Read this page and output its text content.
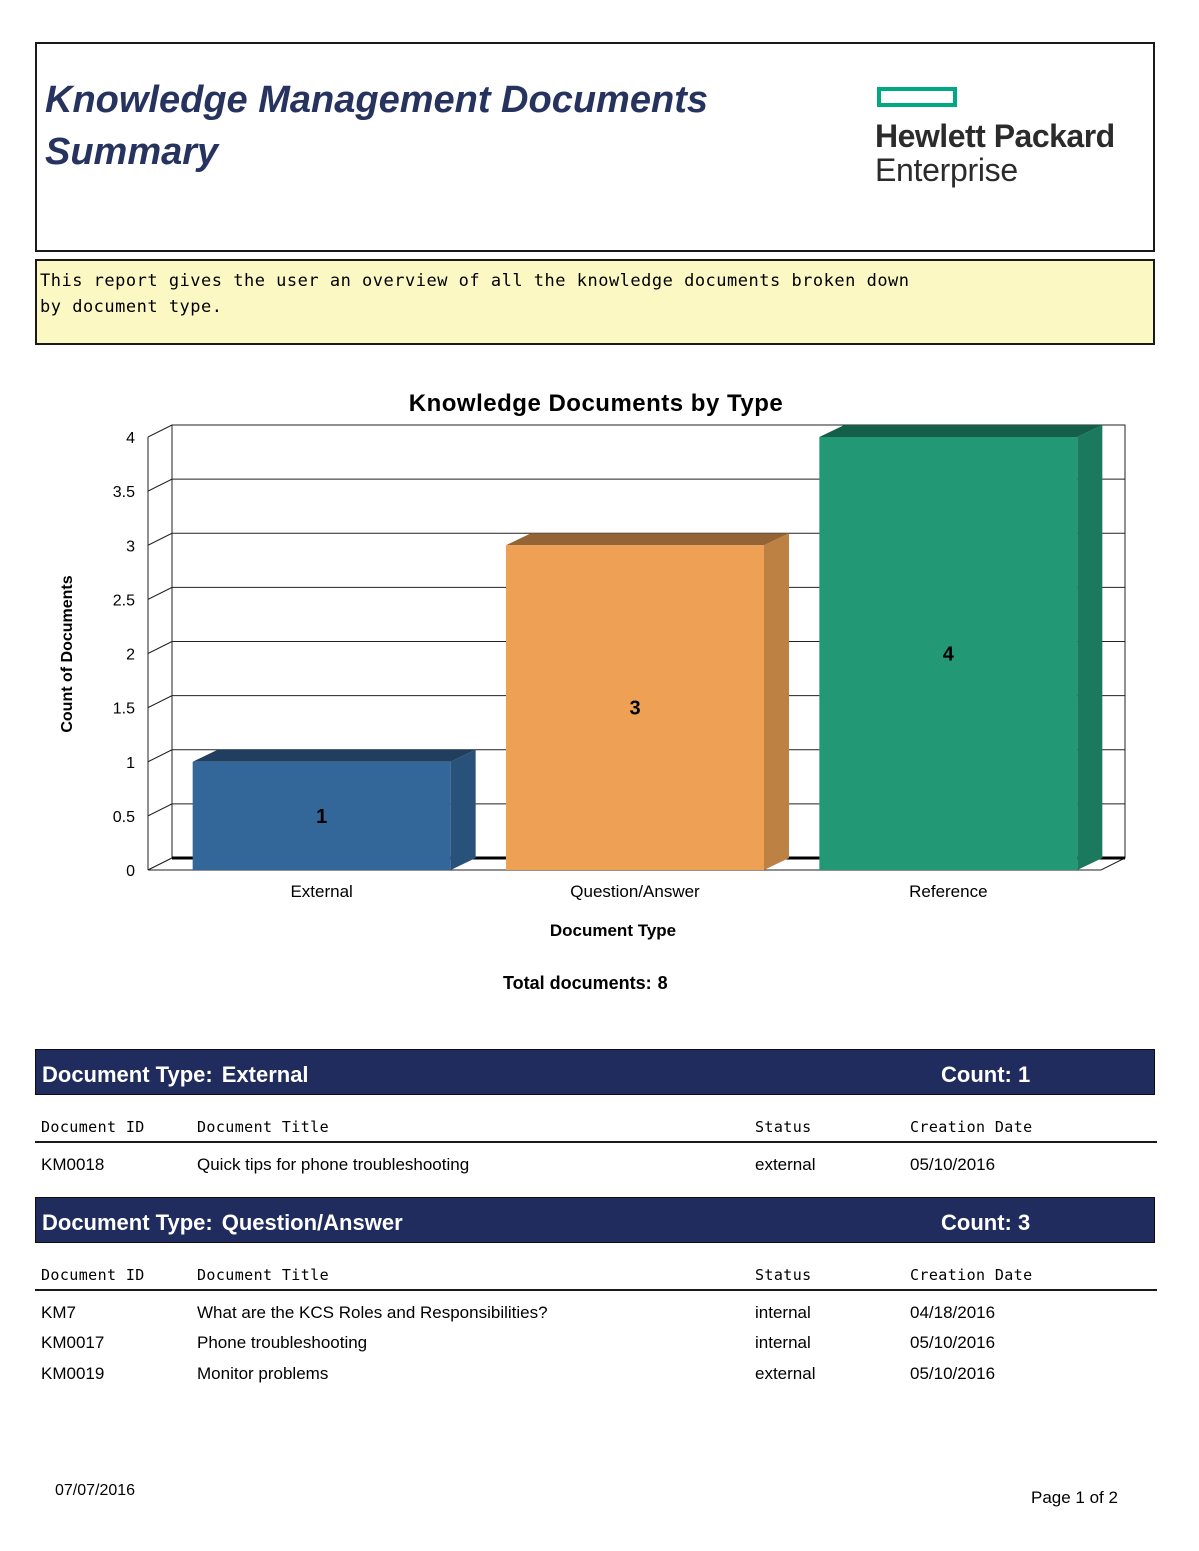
Knowledge Management Documents Summary	Hewlett Packard
Enterprise

This report gives the user an overview of all the knowledge documents broken down by document type.

Knowledge Documents by Type
0
0.5
1
1.5
2
2.5
3
3.5
4
1
3
4
External	Question/Answer	Reference
Count of Documents
Document Type
Total documents: 8
Document Type: External	Count: 1
Document ID	Document Title	Status	Creation Date
KM0018	Quick tips for phone troubleshooting	external	05/10/2016
Document Type: Question/Answer	Count: 3
Document ID	Document Title	Status	Creation Date
KM7	What are the KCS Roles and Responsibilities?	internal	04/18/2016
KM0017	Phone troubleshooting	internal	05/10/2016
KM0019	Monitor problems	external	05/10/2016
07/07/2016	Page 1 of 2
